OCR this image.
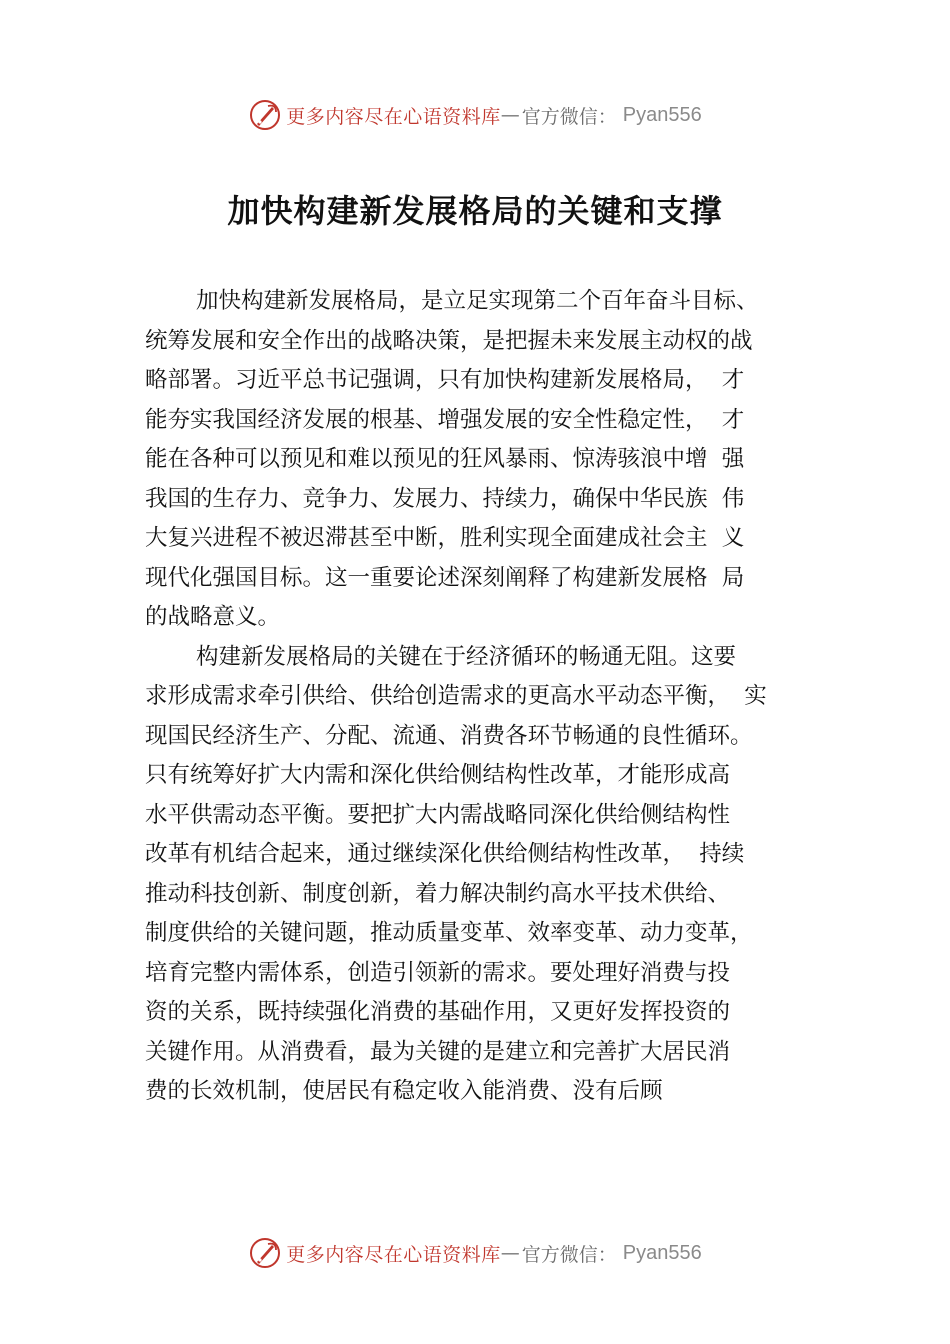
更多内容尽在心语资料库 — 官方微信： Pyan556
加快构建新发展格局的关键和支撑
加快构建新发展格局，是立足实现第二个百年奋斗目标、
统筹发展和安全作出的战略决策，是把握未来发展主动权的战
略部署。习近平总书记强调，只有加快构建新发展格局，  才
能夯实我国经济发展的根基、增强发展的安全性稳定性，  才
能在各种可以预见和难以预见的狂风暴雨、惊涛骇浪中增  强
我国的生存力、竞争力、发展力、持续力，确保中华民族  伟
大复兴进程不被迟滞甚至中断，胜利实现全面建成社会主  义
现代化强国目标。这一重要论述深刻阐释了构建新发展格  局
的战略意义。
构建新发展格局的关键在于经济循环的畅通无阻。这要
求形成需求牵引供给、供给创造需求的更高水平动态平衡，  实
现国民经济生产、分配、流通、消费各环节畅通的良性循环。
只有统筹好扩大内需和深化供给侧结构性改革，才能形成高
水平供需动态平衡。要把扩大内需战略同深化供给侧结构性
改革有机结合起来，通过继续深化供给侧结构性改革，  持续
推动科技创新、制度创新，着力解决制约高水平技术供给、
制度供给的关键问题，推动质量变革、效率变革、动力变革，
培育完整内需体系，创造引领新的需求。要处理好消费与投
资的关系，既持续强化消费的基础作用，又更好发挥投资的
关键作用。从消费看，最为关键的是建立和完善扩大居民消
费的长效机制，使居民有稳定收入能消费、没有后顾
更多内容尽在心语资料库 — 官方微信： Pyan556
